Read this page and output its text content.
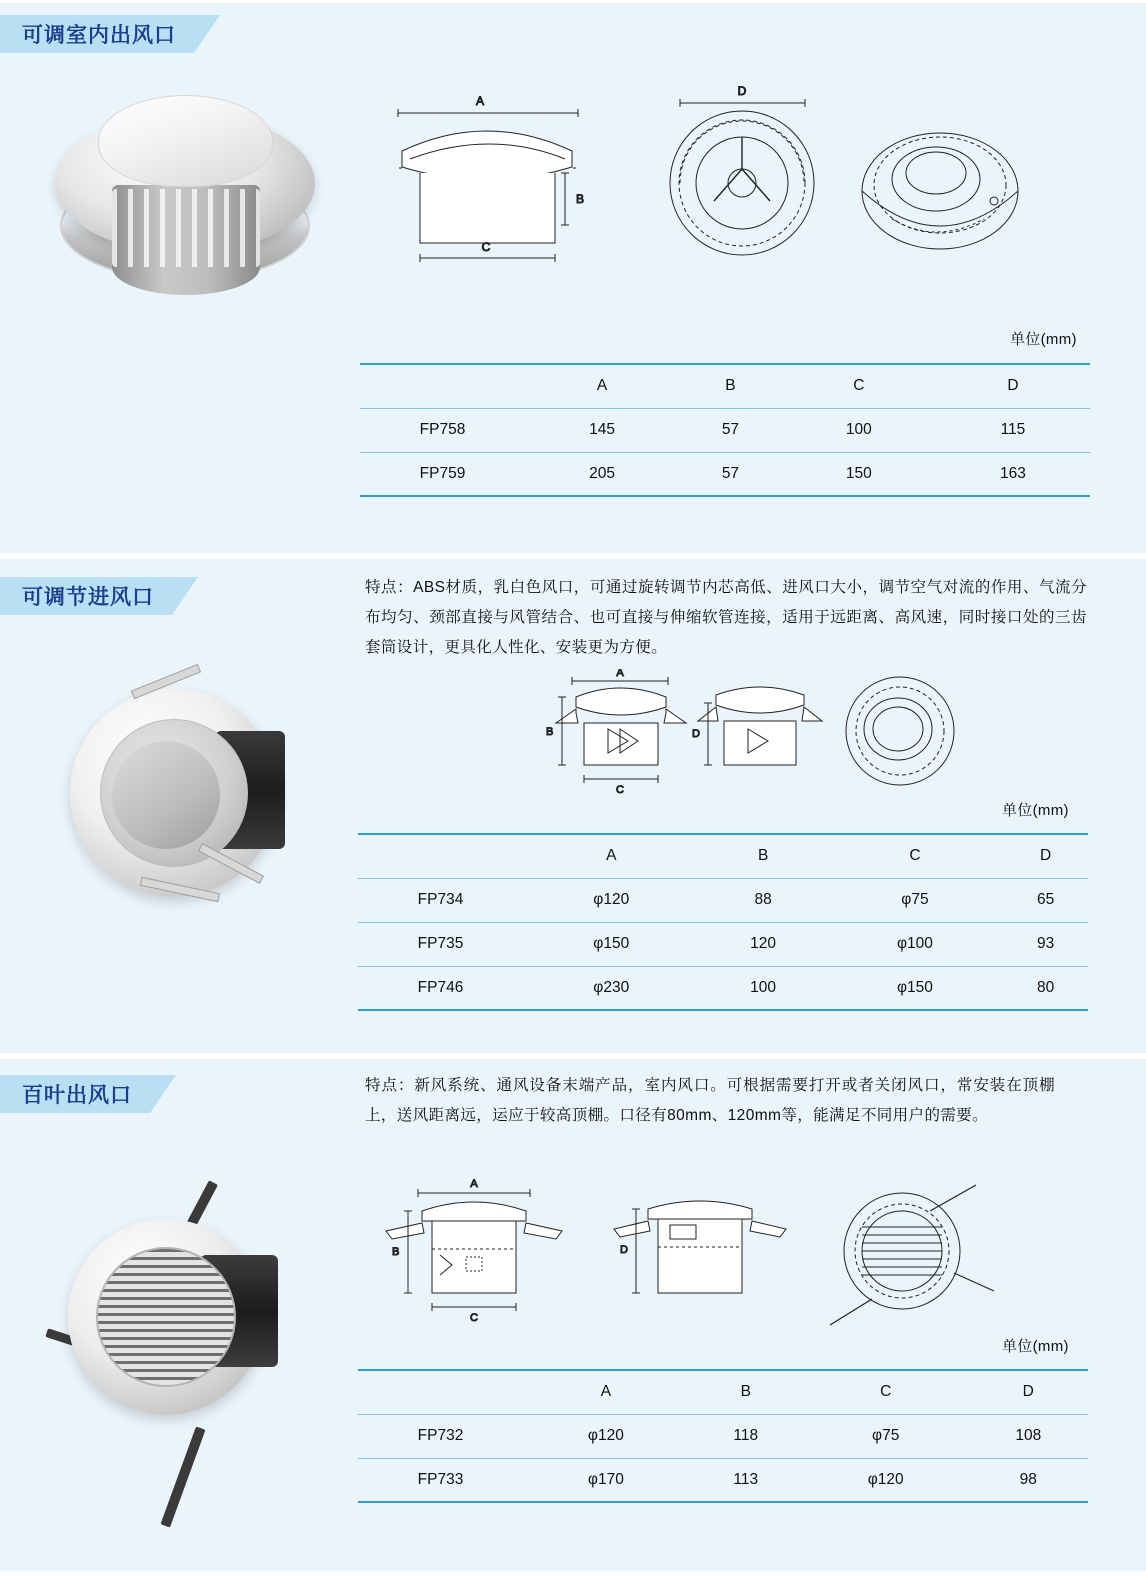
可调室内出风口
A
B
C
D
单位(mm)
	A	B	C	D
FP758	145	57	100	115
FP759	205	57	150	163
可调节进风口	特点：ABS材质，乳白色风口，可通过旋转调节内芯高低、进风口大小，调节空气对流的作用、气流分布均匀、颈部直接与风管结合、也可直接与伸缩软管连接，适用于远距离、高风速，同时接口处的三齿套筒设计，更具化人性化、安装更为方便。
A
B
C
D
单位(mm)
	A	B	C	D
FP734	φ120	88	φ75	65
FP735	φ150	120	φ100	93
FP746	φ230	100	φ150	80
百叶出风口	特点：新风系统、通风设备末端产品，室内风口。可根据需要打开或者关闭风口，常安装在顶棚上，送风距离远，运应于较高顶棚。口径有80mm、120mm等，能满足不同用户的需要。
A
B
C
D
单位(mm)
	A	B	C	D
FP732	φ120	118	φ75	108
FP733	φ170	113	φ120	98
